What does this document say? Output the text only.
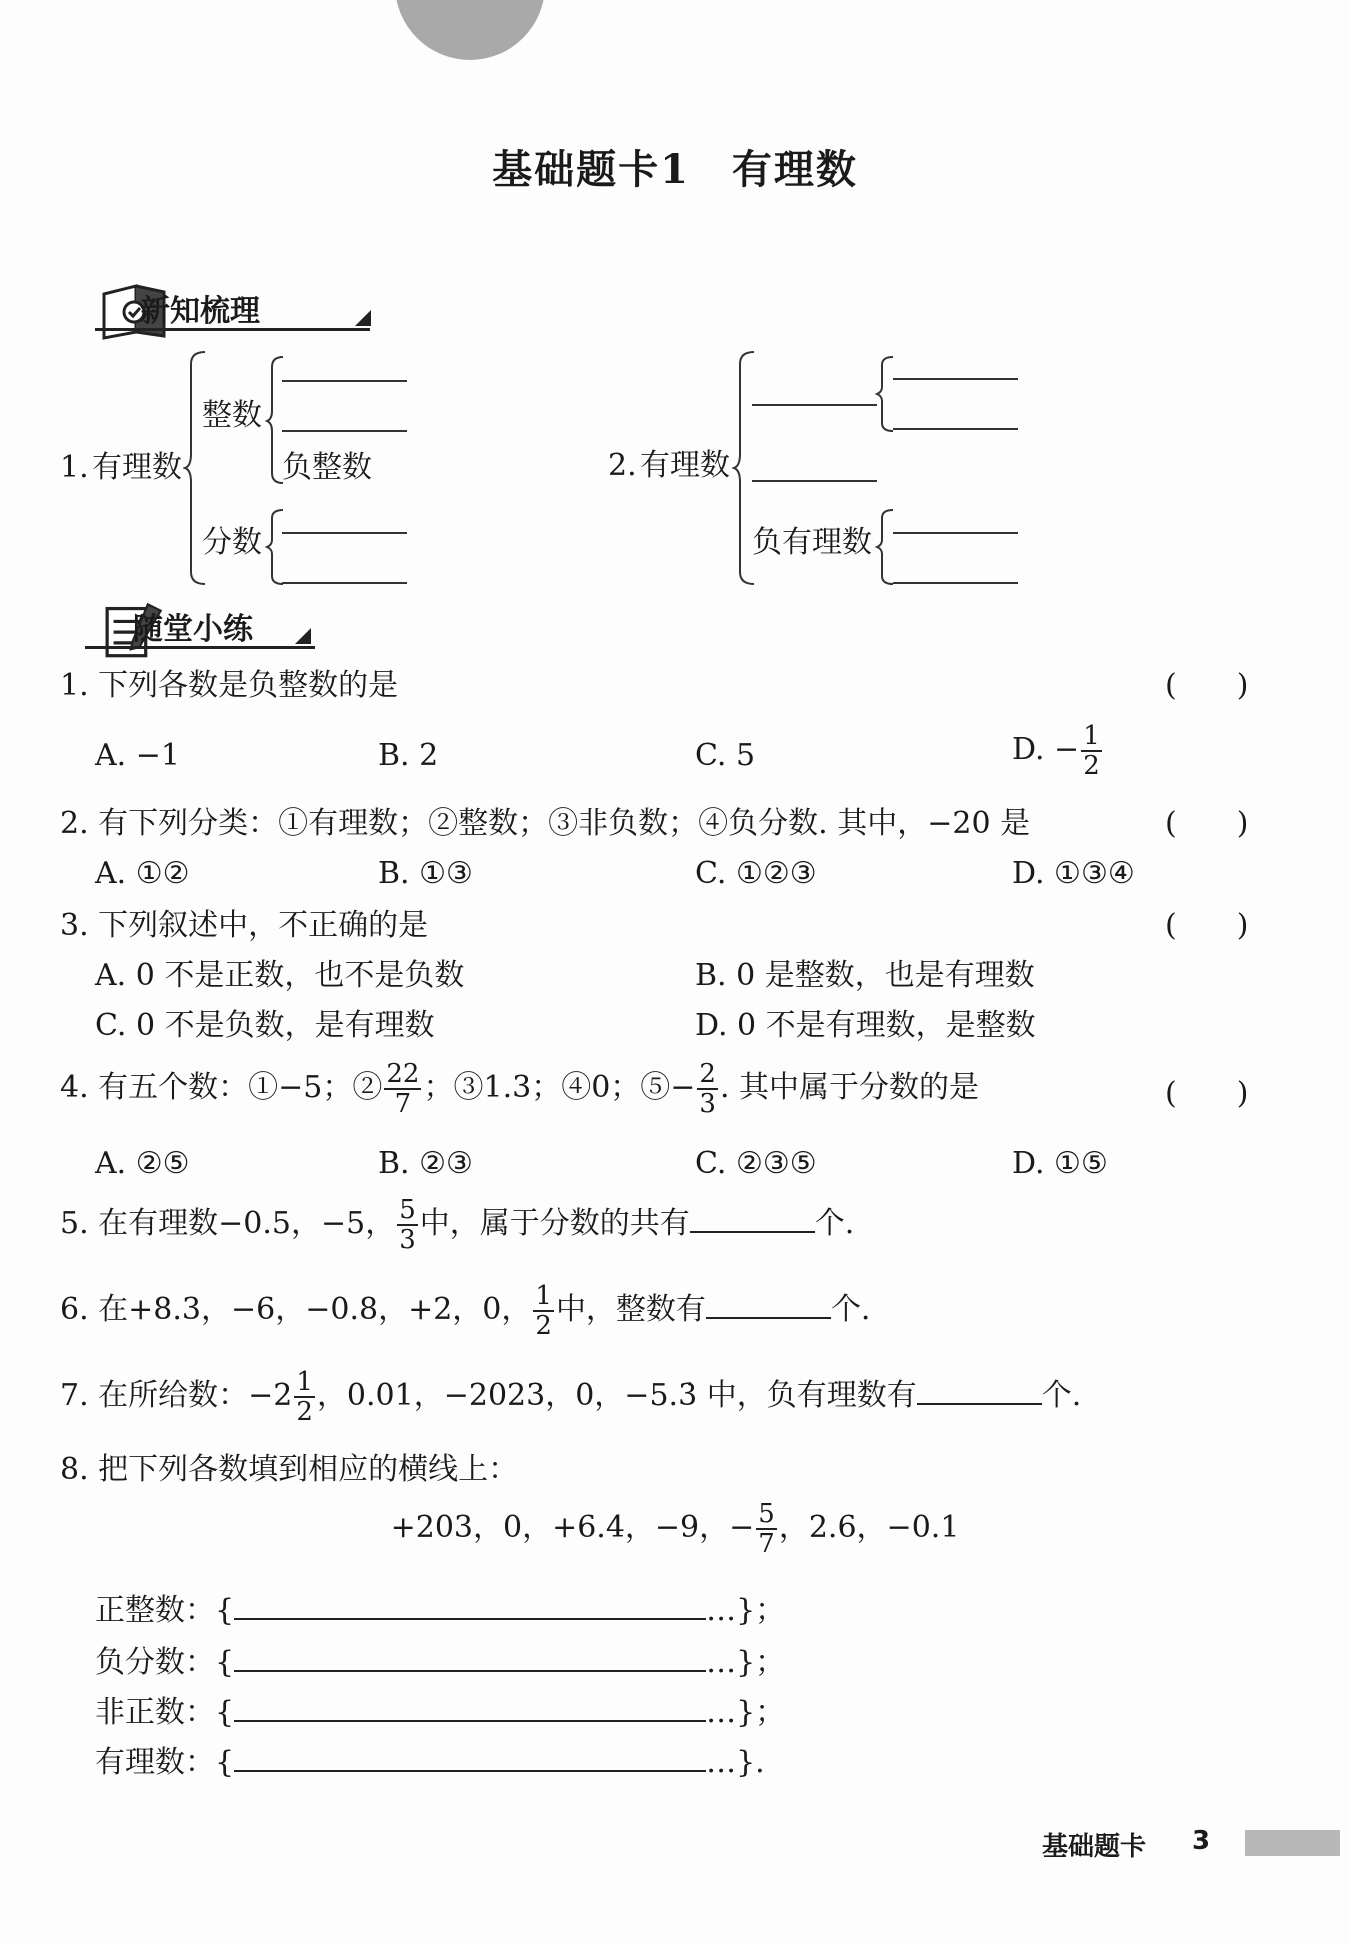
基础题卡1　有理数
新知梳理
1. 有理数
整数
负整数
分数
2. 有理数
负有理数
随堂小练
1. 下列各数是负整数的是	(　　)
A. −1	B. 2	C. 5	D. − $\frac{1}{2}$
2. 有下列分类：①有理数；②整数；③非负数；④负分数. 其中，−20 是	(　　)
A. ①②	B. ①③	C. ①②③	D. ①③④
3. 下列叙述中，不正确的是	(　　)
A. 0 不是正数，也不是负数	B. 0 是整数，也是有理数
C. 0 不是负数，是有理数	D. 0 不是有理数，是整数
4. 有五个数：①−5；② $\frac{22}{7}$ ；③1.3；④0；⑤− $\frac{2}{3}$ . 其中属于分数的是	(　　)
A. ②⑤	B. ②③	C. ②③⑤	D. ①⑤
5. 在有理数−0.5，−5， $\frac{5}{3}$ 中，属于分数的共有	个.
6. 在+8.3，−6，−0.8，+2，0， $\frac{1}{2}$ 中，整数有	个.
7. 在所给数：$-2 \frac{1}{2}$ ，0.01，−2023，0，−5.3̇ 中，负有理数有	个.
8. 把下列各数填到相应的横线上：
+203，0，+6.4，−9，− $\frac{5}{7}$ ，2.6，−0.1
正整数：{	…}；
负分数：{	…}；
非正数：{	…}；
有理数：{	…}.
基础题卡 3
